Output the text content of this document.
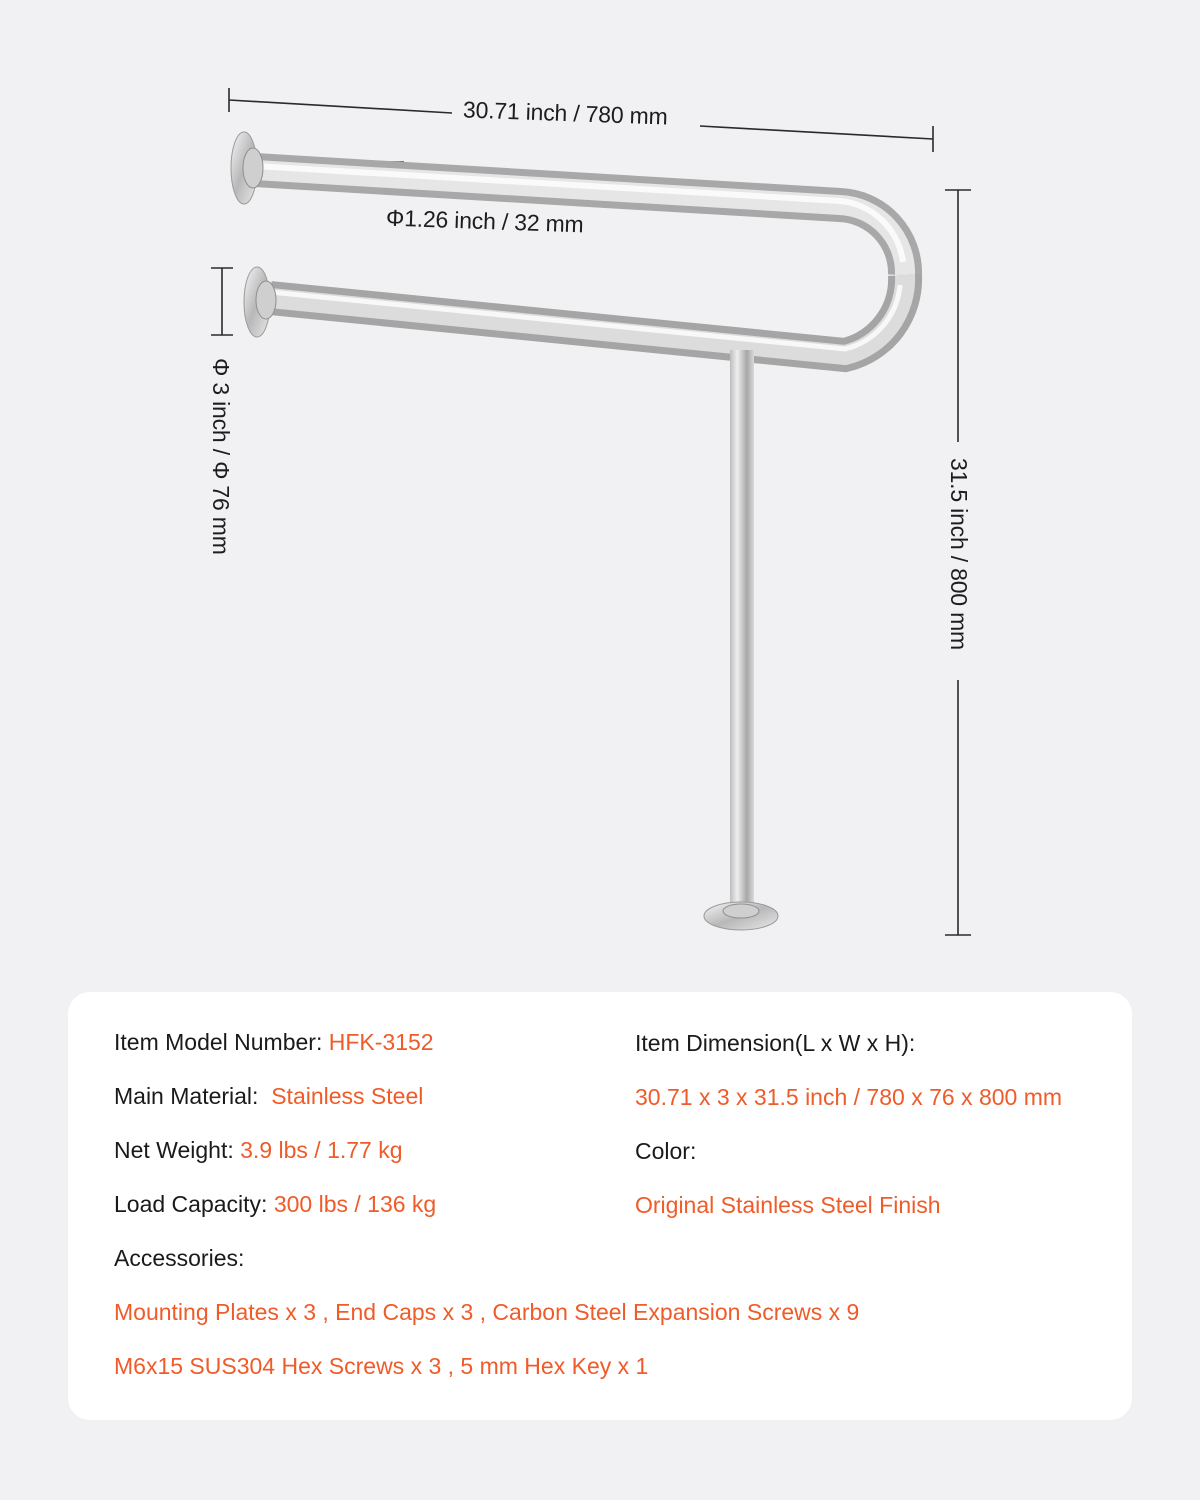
30.71 inch / 780 mm
Φ1.26 inch / 32 mm
Φ 3 inch / Φ 76 mm	31.5 inch / 800 mm
Item Model Number: HFK-3152
Main Material: Stainless Steel
Net Weight: 3.9 lbs / 1.77 kg
Load Capacity: 300 lbs / 136 kg
Item Dimension(L x W x H):
30.71 x 3 x 31.5 inch / 780 x 76 x 800 mm
Color:
Original Stainless Steel Finish
Accessories:
Mounting Plates x 3 , End Caps x 3 , Carbon Steel Expansion Screws x 9
M6x15 SUS304 Hex Screws x 3 , 5 mm Hex Key x 1
